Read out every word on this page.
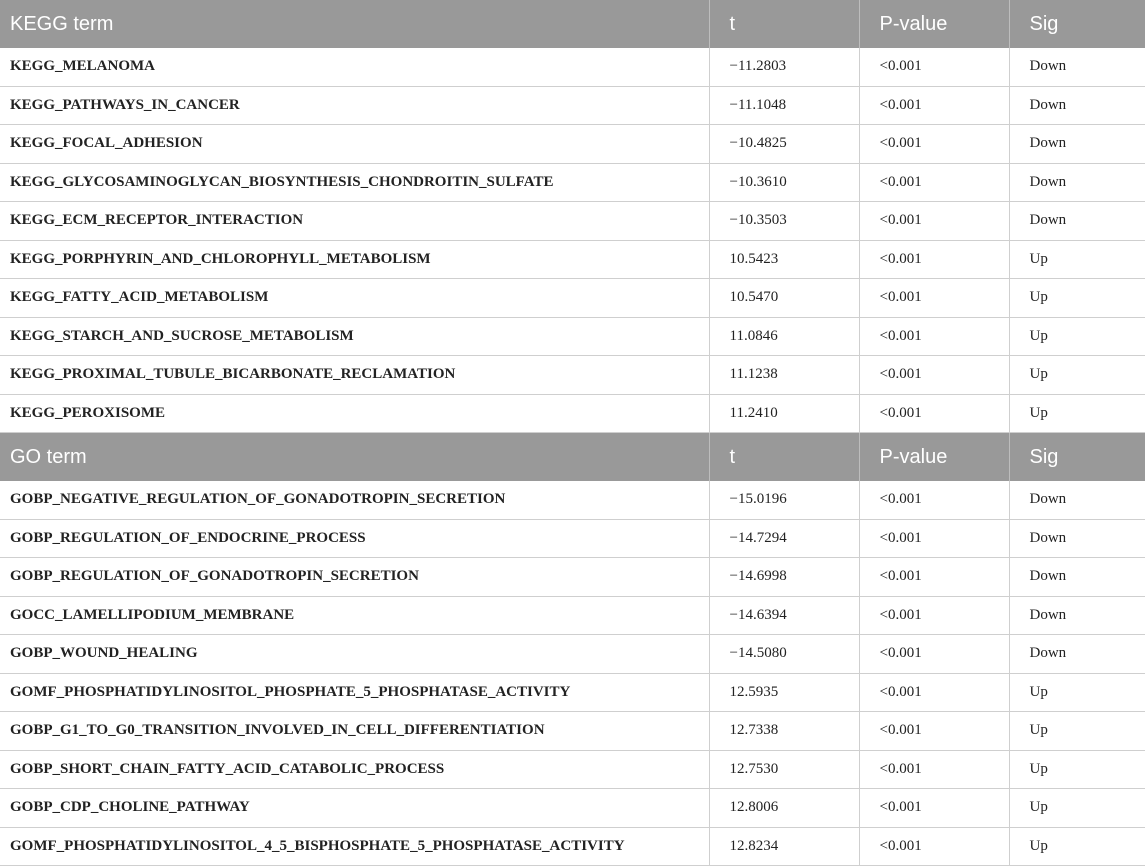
KEGG term	t	P-value	Sig
KEGG_MELANOMA	−11.2803	<0.001	Down
KEGG_PATHWAYS_IN_CANCER	−11.1048	<0.001	Down
KEGG_FOCAL_ADHESION	−10.4825	<0.001	Down
KEGG_GLYCOSAMINOGLYCAN_BIOSYNTHESIS_CHONDROITIN_SULFATE	−10.3610	<0.001	Down
KEGG_ECM_RECEPTOR_INTERACTION	−10.3503	<0.001	Down
KEGG_PORPHYRIN_AND_CHLOROPHYLL_METABOLISM	10.5423	<0.001	Up
KEGG_FATTY_ACID_METABOLISM	10.5470	<0.001	Up
KEGG_STARCH_AND_SUCROSE_METABOLISM	11.0846	<0.001	Up
KEGG_PROXIMAL_TUBULE_BICARBONATE_RECLAMATION	11.1238	<0.001	Up
KEGG_PEROXISOME	11.2410	<0.001	Up
GO term	t	P-value	Sig
GOBP_NEGATIVE_REGULATION_OF_GONADOTROPIN_SECRETION	−15.0196	<0.001	Down
GOBP_REGULATION_OF_ENDOCRINE_PROCESS	−14.7294	<0.001	Down
GOBP_REGULATION_OF_GONADOTROPIN_SECRETION	−14.6998	<0.001	Down
GOCC_LAMELLIPODIUM_MEMBRANE	−14.6394	<0.001	Down
GOBP_WOUND_HEALING	−14.5080	<0.001	Down
GOMF_PHOSPHATIDYLINOSITOL_PHOSPHATE_5_PHOSPHATASE_ACTIVITY	12.5935	<0.001	Up
GOBP_G1_TO_G0_TRANSITION_INVOLVED_IN_CELL_DIFFERENTIATION	12.7338	<0.001	Up
GOBP_SHORT_CHAIN_FATTY_ACID_CATABOLIC_PROCESS	12.7530	<0.001	Up
GOBP_CDP_CHOLINE_PATHWAY	12.8006	<0.001	Up
GOMF_PHOSPHATIDYLINOSITOL_4_5_BISPHOSPHATE_5_PHOSPHATASE_ACTIVITY	12.8234	<0.001	Up
